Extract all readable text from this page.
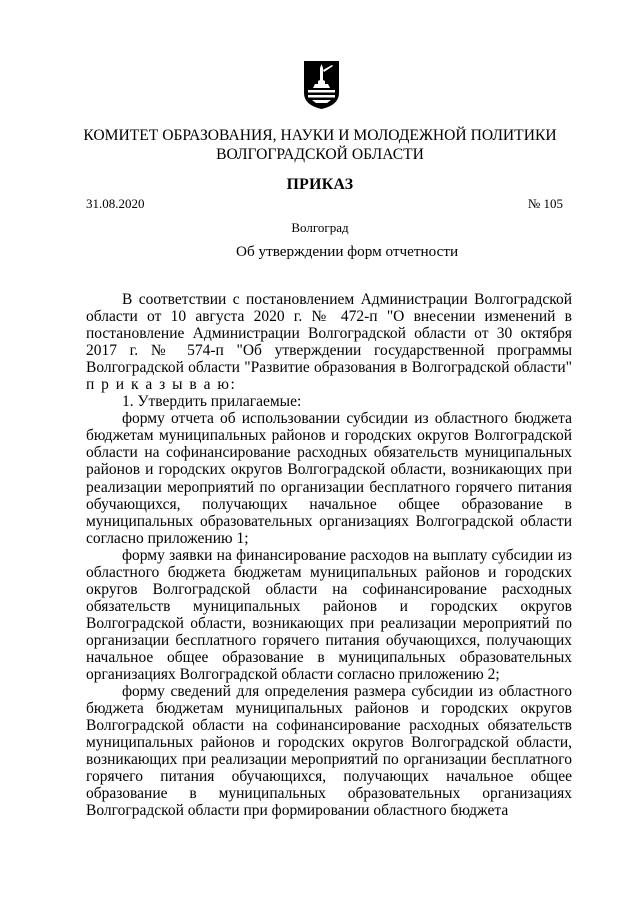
КОМИТЕТ ОБРАЗОВАНИЯ, НАУКИ И МОЛОДЕЖНОЙ ПОЛИТИКИ
ВОЛГОГРАДСКОЙ ОБЛАСТИ
ПРИКАЗ
31.08.2020	№ 105
Волгоград
Об утверждении форм отчетности

В соответствии с постановлением Администрации Волгоградской области от 10 августа 2020 г. № 472-п "О внесении изменений в постановление Администрации Волгоградской области от 30 октября 2017 г. № 574-п "Об утверждении государственной программы Волгоградской области "Развитие образования в Волгоградской области" п р и к а з ы в а ю:

1. Утвердить прилагаемые:

форму отчета об использовании субсидии из областного бюджета бюджетам муниципальных районов и городских округов Волгоградской области на софинансирование расходных обязательств муниципальных районов и городских округов Волгоградской области, возникающих при реализации мероприятий по организации бесплатного горячего питания обучающихся, получающих начальное общее образование в муниципальных образовательных организациях Волгоградской области согласно приложению 1;

форму заявки на финансирование расходов на выплату субсидии из областного бюджета бюджетам муниципальных районов и городских округов Волгоградской области на софинансирование расходных обязательств муниципальных районов и городских округов Волгоградской области, возникающих при реализации мероприятий по организации бесплатного горячего питания обучающихся, получающих начальное общее образование в муниципальных образовательных организациях Волгоградской области согласно приложению 2;

форму сведений для определения размера субсидии из областного бюджета бюджетам муниципальных районов и городских округов Волгоградской области на софинансирование расходных обязательств муниципальных районов и городских округов Волгоградской области, возникающих при реализации мероприятий по организации бесплатного горячего питания обучающихся, получающих начальное общее образование в муниципальных образовательных организациях Волгоградской области при формировании областного бюджета
